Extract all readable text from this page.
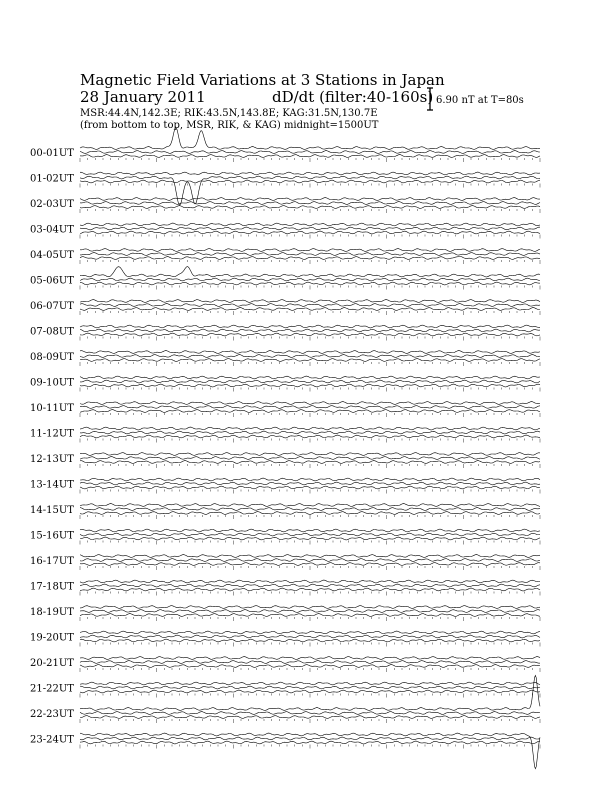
Magnetic Field Variations at 3 Stations in Japan
28 January 2011	dD/dt (filter:40-160s)
MSR:44.4N,142.3E; RIK:43.5N,143.8E; KAG:31.5N,130.7E
(from bottom to top, MSR, RIK, & KAG) midnight=1500UT
6.90 nT at T=80s
00-01UT
01-02UT
02-03UT
03-04UT
04-05UT
05-06UT
06-07UT
07-08UT
08-09UT
09-10UT
10-11UT
11-12UT
12-13UT
13-14UT
14-15UT
15-16UT
16-17UT
17-18UT
18-19UT
19-20UT
20-21UT
21-22UT
22-23UT
23-24UT
